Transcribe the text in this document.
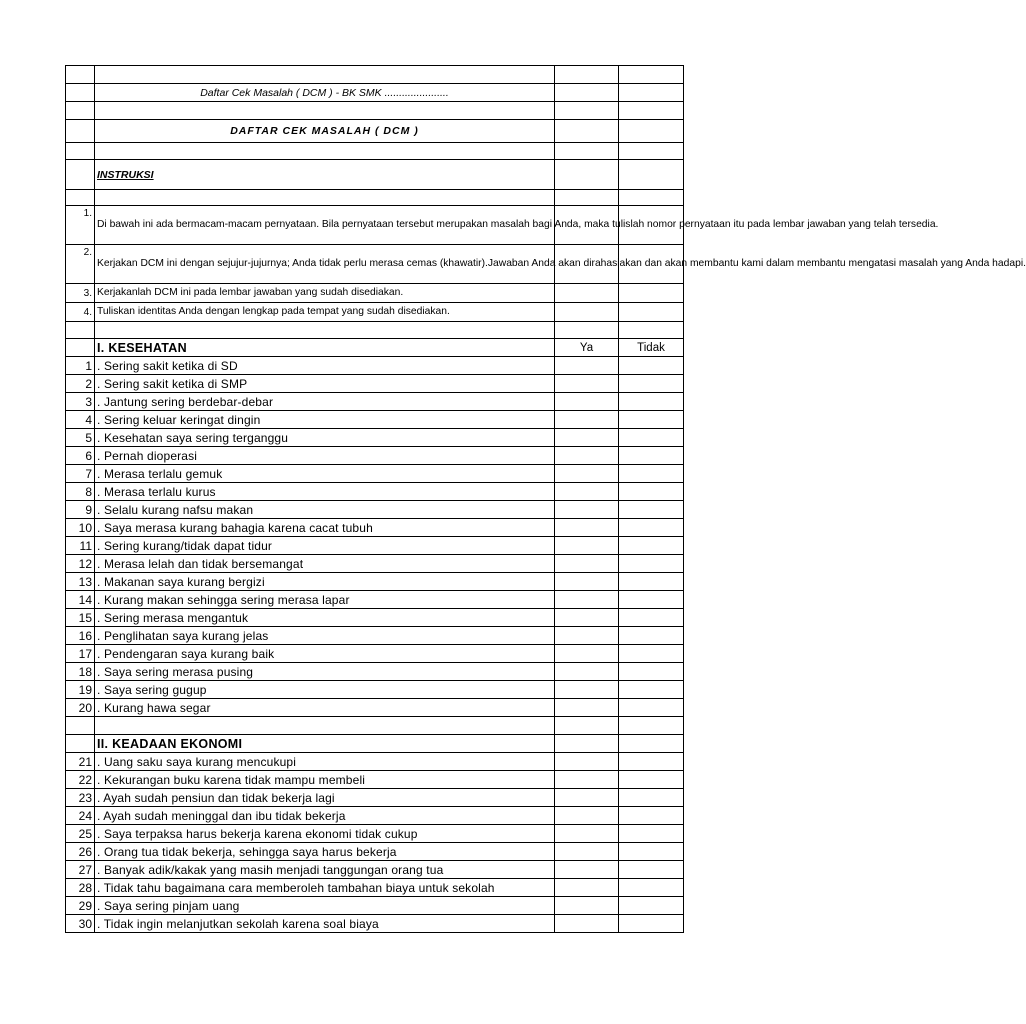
	Daftar Cek Masalah ( DCM ) - BK SMK ......................		

	DAFTAR CEK MASALAH ( DCM )		

	INSTRUKSI		

1.	Di bawah ini ada bermacam-macam pernyataan. Bila pernyataan tersebut merupakan masalah bagi Anda, maka tulislah nomor pernyataan itu pada lembar jawaban yang telah tersedia.		
2.	Kerjakan DCM ini dengan sejujur-jujurnya; Anda tidak perlu merasa cemas (khawatir).Jawaban Anda akan dirahasiakan dan akan membantu kami dalam membantu mengatasi masalah yang Anda hadapi.		
3.	Kerjakanlah DCM ini pada lembar jawaban yang sudah disediakan.		
4.	Tuliskan identitas Anda dengan lengkap pada tempat yang sudah disediakan.		

	I. KESEHATAN	Ya	Tidak
1	. Sering sakit ketika di SD		
2	. Sering sakit ketika di SMP		
3	. Jantung sering berdebar-debar		
4	. Sering keluar keringat dingin		
5	. Kesehatan saya sering terganggu		
6	. Pernah dioperasi		
7	. Merasa terlalu gemuk		
8	. Merasa terlalu kurus		
9	. Selalu kurang nafsu makan		
10	. Saya merasa kurang bahagia karena cacat tubuh		
11	. Sering kurang/tidak dapat tidur		
12	. Merasa lelah dan tidak bersemangat		
13	. Makanan saya kurang bergizi		
14	. Kurang makan sehingga sering merasa lapar		
15	. Sering merasa mengantuk		
16	. Penglihatan saya kurang jelas		
17	. Pendengaran saya kurang baik		
18	. Saya sering merasa pusing		
19	. Saya sering gugup		
20	. Kurang hawa segar		

	II. KEADAAN EKONOMI		
21	. Uang saku saya kurang mencukupi		
22	. Kekurangan buku karena tidak mampu membeli		
23	. Ayah sudah pensiun dan tidak bekerja lagi		
24	. Ayah sudah meninggal dan ibu tidak bekerja		
25	. Saya terpaksa harus bekerja karena ekonomi tidak cukup		
26	. Orang tua tidak bekerja, sehingga saya harus bekerja		
27	. Banyak adik/kakak yang masih menjadi tanggungan orang tua		
28	. Tidak tahu bagaimana cara memberoleh tambahan biaya untuk sekolah		
29	. Saya sering pinjam uang		
30	. Tidak ingin melanjutkan sekolah karena soal biaya		
